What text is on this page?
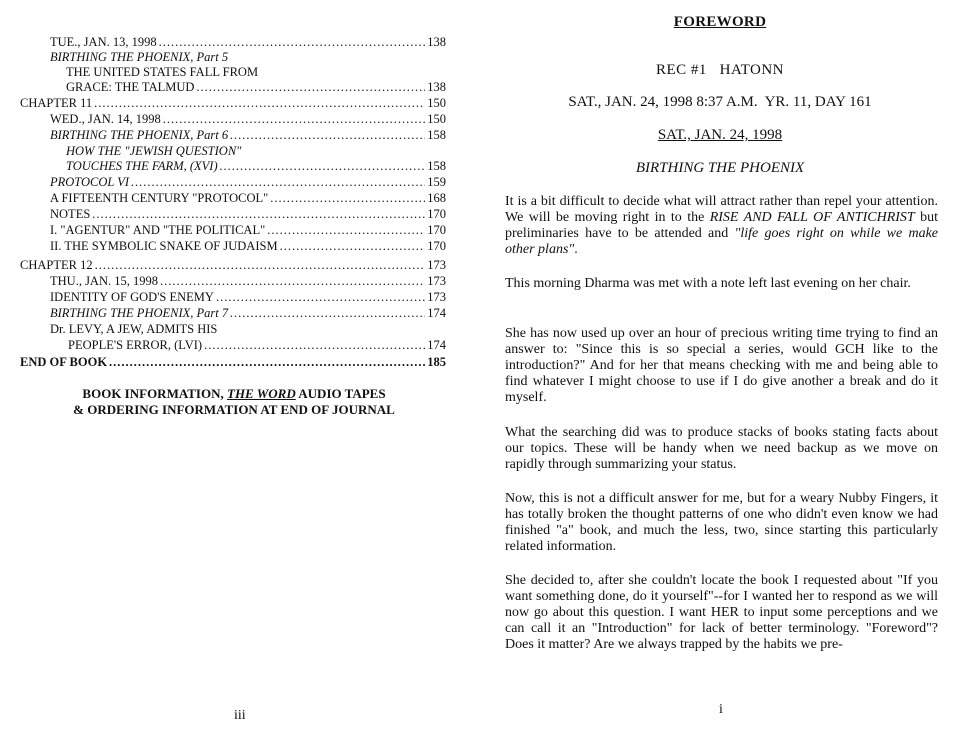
TUE., JAN. 13, 1998 .....	138
BIRTHING THE PHOENIX, Part 5
THE UNITED STATES FALL FROM
GRACE: THE TALMUD .....	138
CHAPTER 11 .....	150
WED., JAN. 14, 1998 .....	150
BIRTHING THE PHOENIX, Part 6 .....	158
HOW THE "JEWISH QUESTION"
TOUCHES THE FARM, (XVI) .....	158
PROTOCOL VI .....	159
A FIFTEENTH CENTURY "PROTOCOL" .....	168
NOTES .....	170
I. "AGENTUR" AND "THE POLITICAL" .....	170
II. THE SYMBOLIC SNAKE OF JUDAISM .....	170
CHAPTER 12 .....	173
THU., JAN. 15, 1998 .....	173
IDENTITY OF GOD'S ENEMY .....	173
BIRTHING THE PHOENIX, Part 7 .....	174
Dr. LEVY, A JEW, ADMITS HIS
PEOPLE'S ERROR, (LVI) .....	174
END OF BOOK .....	185
BOOK INFORMATION, THE WORD AUDIO TAPES
& ORDERING INFORMATION AT END OF JOURNAL
iii
FOREWORD
REC #1   HATONN
SAT., JAN. 24, 1998 8:37 A.M.  YR. 11, DAY 161
SAT., JAN. 24, 1998
BIRTHING THE PHOENIX

It is a bit difficult to decide what will attract rather than repel your attention. We will be moving right in to the RISE AND FALL OF ANTICHRIST but preliminaries have to be attended and "life goes right on while we make other plans".

This morning Dharma was met with a note left last evening on her chair.

She has now used up over an hour of precious writing time trying to find an answer to: "Since this is so special a series, would GCH like to the introduction?" And for her that means checking with me and being able to find whatever I might choose to use if I do give another a break and do it myself.

What the searching did was to produce stacks of books stating facts about our topics. These will be handy when we need backup as we move on rapidly through summarizing your status.

Now, this is not a difficult answer for me, but for a weary Nubby Fingers, it has totally broken the thought patterns of one who didn't even know we had finished "a" book, and much the less, two, since starting this particularly related information.

She decided to, after she couldn't locate the book I requested about "If you want something done, do it yourself"--for I wanted her to respond as we will now go about this question. I want HER to input some perceptions and we can call it an "Introduction" for lack of better terminology. "Foreword"? Does it matter? Are we always trapped by the habits we pre-

i
